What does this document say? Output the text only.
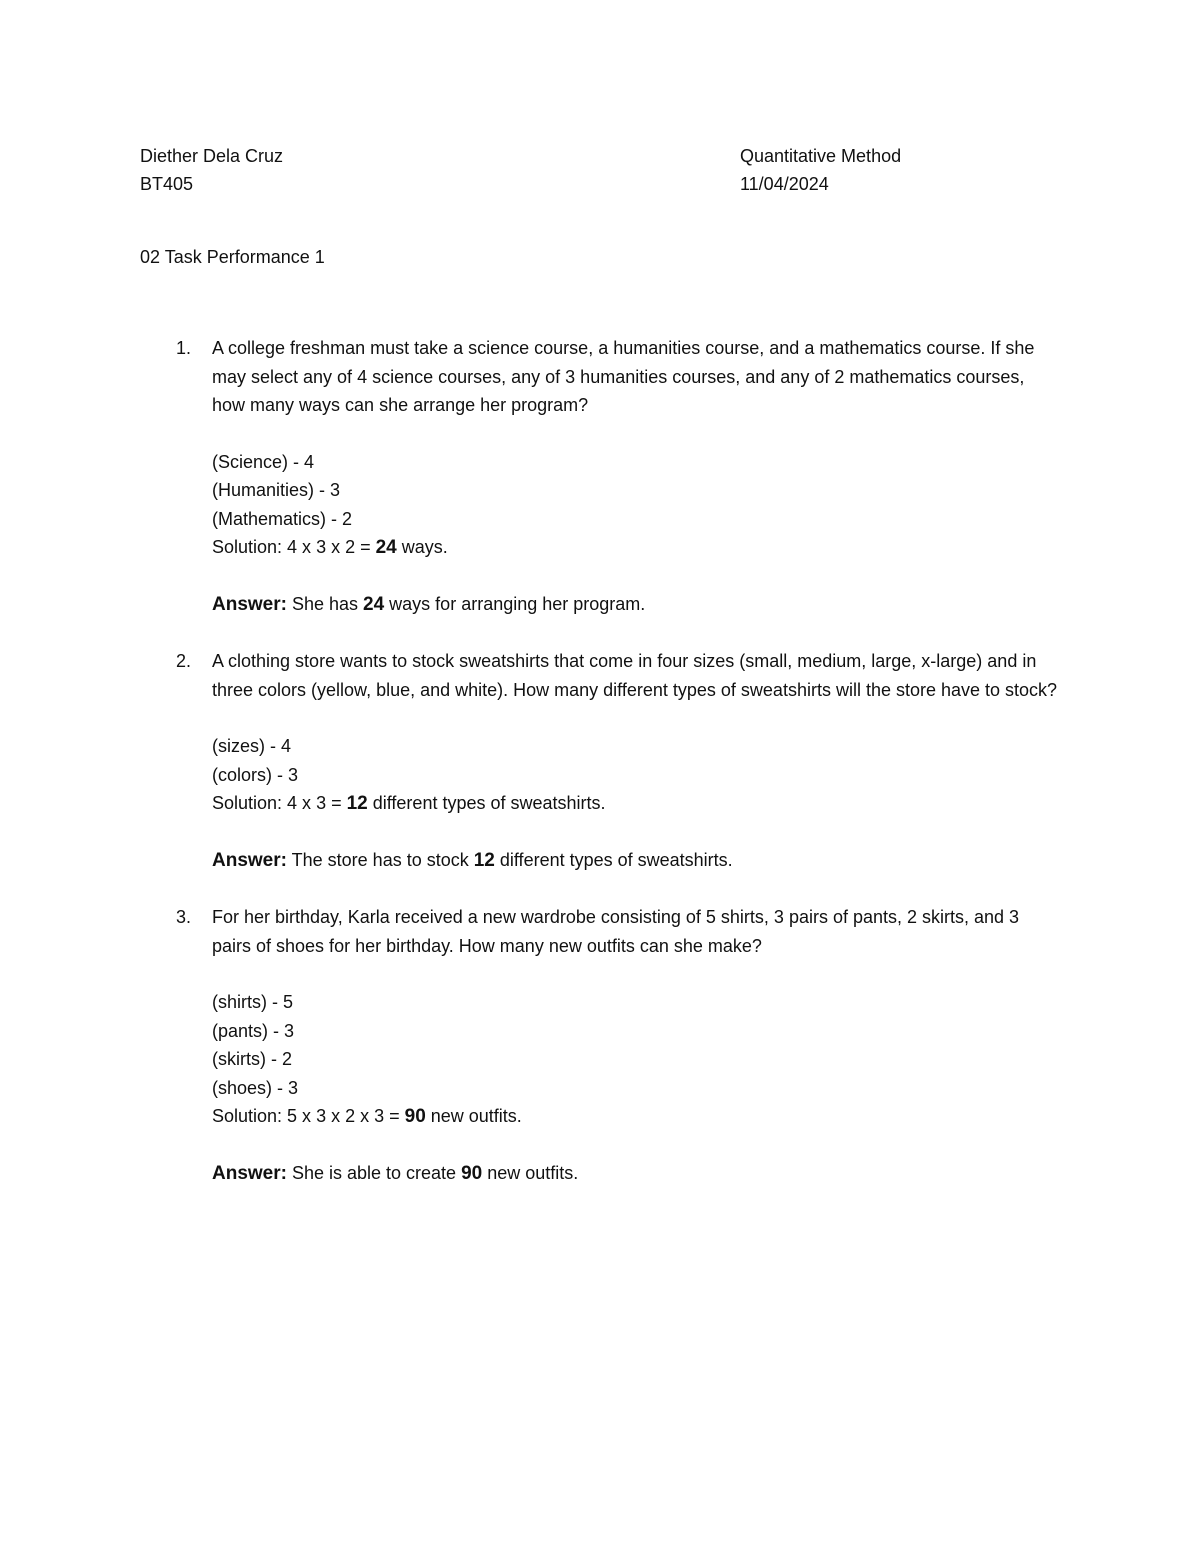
Diether Dela Cruz	Quantitative Method
BT405	11/04/2024
02 Task Performance 1
1.	A college freshman must take a science course, a humanities course, and a mathematics course. If she may select any of 4 science courses, any of 3 humanities courses, and any of 2 mathematics courses, how many ways can she arrange her program?

(Science) - 4
(Humanities) - 3
(Mathematics) - 2
Solution: 4 x 3 x 2 = 24 ways.
Answer: She has 24 ways for arranging her program.
2.	A clothing store wants to stock sweatshirts that come in four sizes (small, medium, large, x-large) and in three colors (yellow, blue, and white). How many different types of sweatshirts will the store have to stock?

(sizes) - 4
(colors) - 3
Solution: 4 x 3 = 12 different types of sweatshirts.
Answer: The store has to stock 12 different types of sweatshirts.
3.	For her birthday, Karla received a new wardrobe consisting of 5 shirts, 3 pairs of pants, 2 skirts, and 3 pairs of shoes for her birthday. How many new outfits can she make?

(shirts) - 5
(pants) - 3
(skirts) - 2
(shoes) - 3
Solution: 5 x 3 x 2 x 3 = 90 new outfits.
Answer: She is able to create 90 new outfits.
